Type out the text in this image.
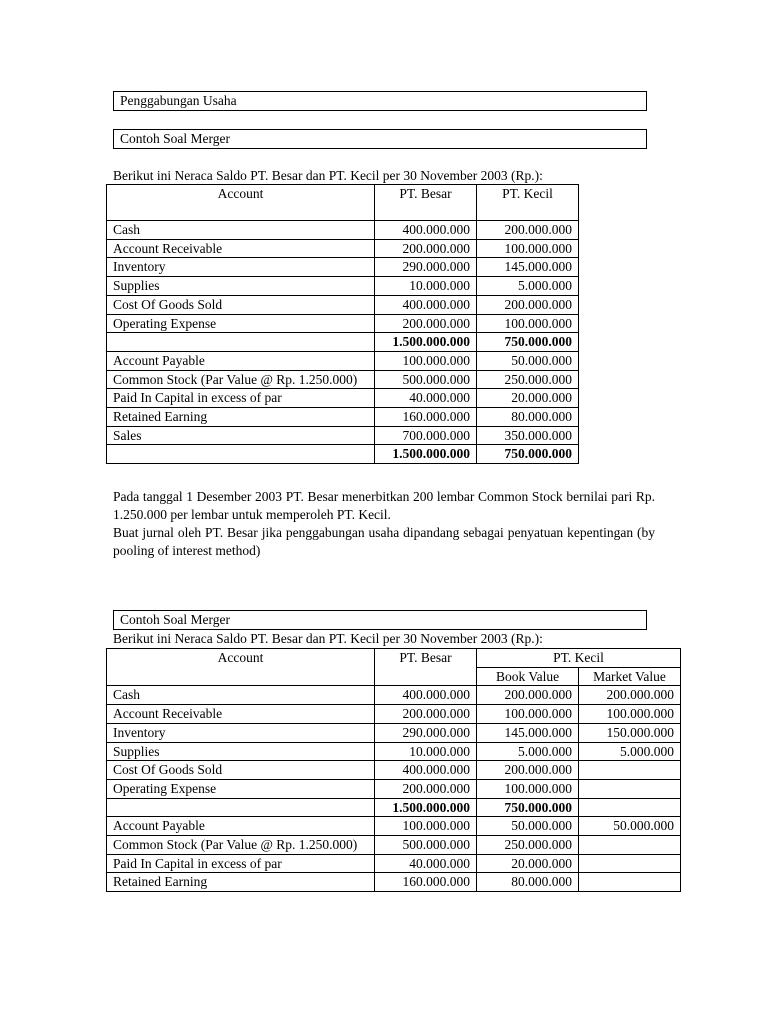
Penggabungan Usaha
Contoh Soal Merger
Berikut ini Neraca Saldo PT. Besar dan PT. Kecil per 30 November 2003 (Rp.):
Account	PT. Besar	PT. Kecil
Cash	400.000.000	200.000.000
Account Receivable	200.000.000	100.000.000
Inventory	290.000.000	145.000.000
Supplies	10.000.000	5.000.000
Cost Of Goods Sold	400.000.000	200.000.000
Operating Expense	200.000.000	100.000.000
	1.500.000.000	750.000.000
Account Payable	100.000.000	50.000.000
Common Stock (Par Value @ Rp. 1.250.000)	500.000.000	250.000.000
Paid In Capital in excess of par	40.000.000	20.000.000
Retained Earning	160.000.000	80.000.000
Sales	700.000.000	350.000.000
	1.500.000.000	750.000.000

Pada tanggal 1 Desember 2003 PT. Besar menerbitkan 200 lembar Common Stock bernilai pari Rp. 1.250.000 per lembar untuk memperoleh PT. Kecil.

Buat jurnal oleh PT. Besar jika penggabungan usaha dipandang sebagai penyatuan kepentingan (by pooling of interest method)

Contoh Soal Merger
Berikut ini Neraca Saldo PT. Besar dan PT. Kecil per 30 November 2003 (Rp.):
Account	PT. Besar	PT. Kecil	
		Book Value	Market Value
Cash	400.000.000	200.000.000	200.000.000
Account Receivable	200.000.000	100.000.000	100.000.000
Inventory	290.000.000	145.000.000	150.000.000
Supplies	10.000.000	5.000.000	5.000.000
Cost Of Goods Sold	400.000.000	200.000.000	
Operating Expense	200.000.000	100.000.000	
	1.500.000.000	750.000.000	
Account Payable	100.000.000	50.000.000	50.000.000
Common Stock (Par Value @ Rp. 1.250.000)	500.000.000	250.000.000	
Paid In Capital in excess of par	40.000.000	20.000.000	
Retained Earning	160.000.000	80.000.000	
